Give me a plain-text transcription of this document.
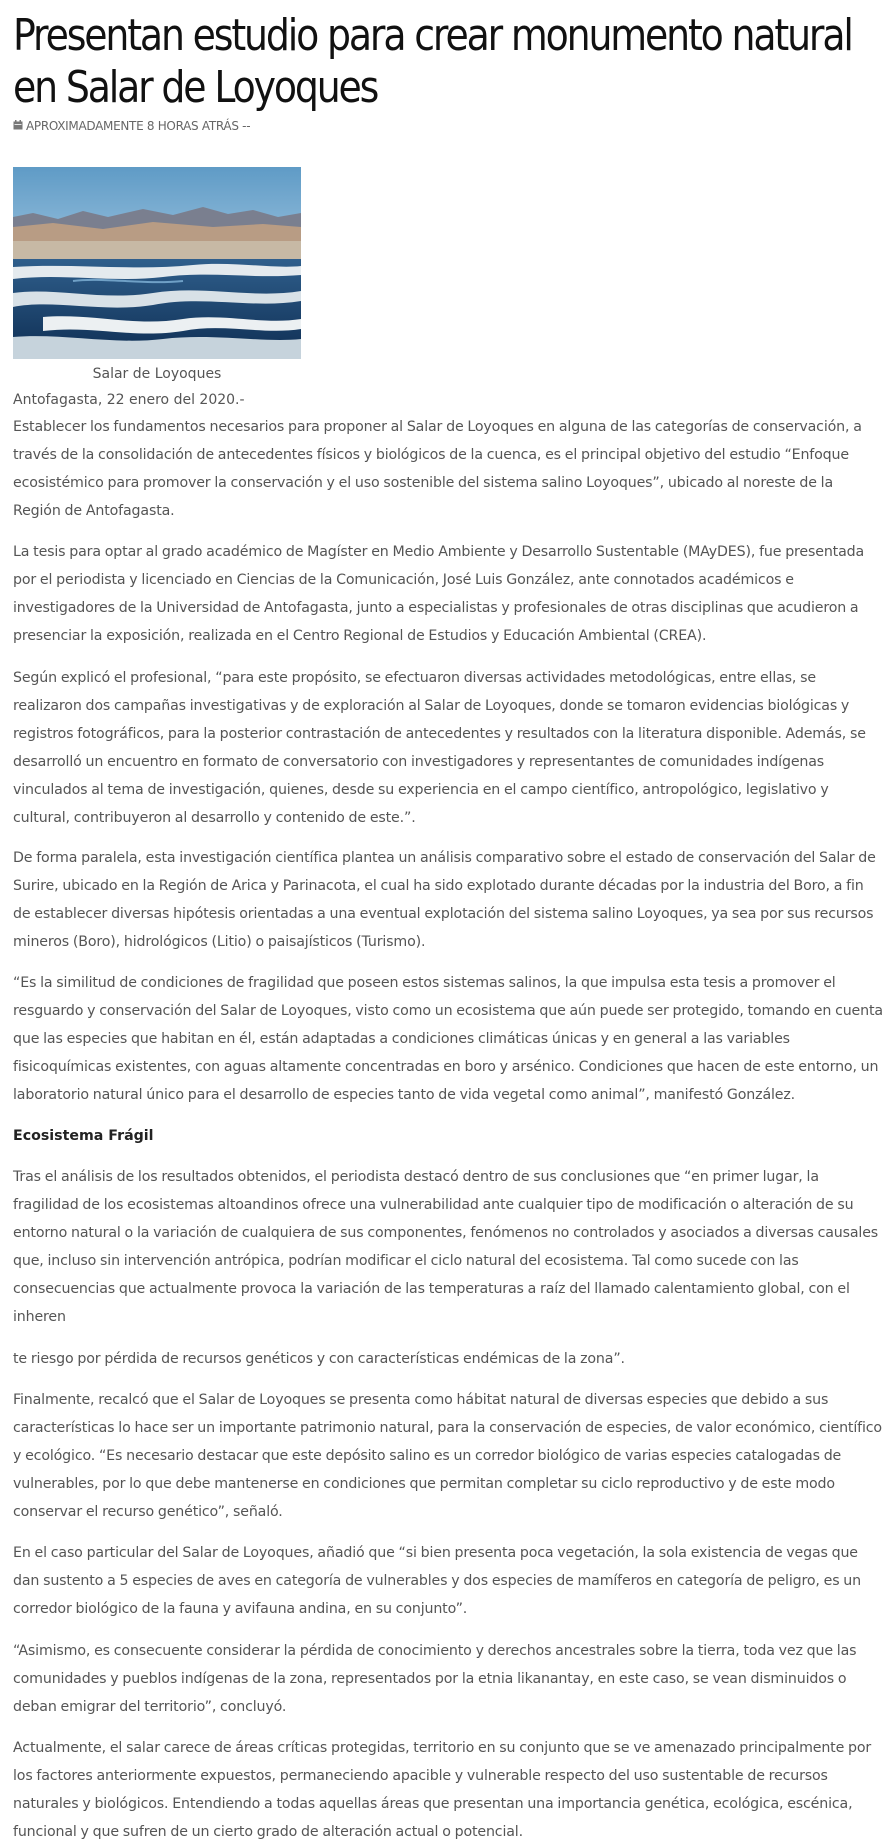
Presentan estudio para crear monumento natural en Salar de Loyoques
APROXIMADAMENTE 8 HORAS ATRÁS --
Salar de Loyoques
Antofagasta, 22 enero del 2020.-

Establecer los fundamentos necesarios para proponer al Salar de Loyoques en alguna de las categorías de conservación, a través de la consolidación de antecedentes físicos y biológicos de la cuenca, es el principal objetivo del estudio “Enfoque ecosistémico para promover la conservación y el uso sostenible del sistema salino Loyoques”, ubicado al noreste de la Región de Antofagasta.

La tesis para optar al grado académico de Magíster en Medio Ambiente y Desarrollo Sustentable (MAyDES), fue presentada por el periodista y licenciado en Ciencias de la Comunicación, José Luis González, ante connotados académicos e investigadores de la Universidad de Antofagasta, junto a especialistas y profesionales de otras disciplinas que acudieron a presenciar la exposición, realizada en el Centro Regional de Estudios y Educación Ambiental (CREA).

Según explicó el profesional, “para este propósito, se efectuaron diversas actividades metodológicas, entre ellas, se realizaron dos campañas investigativas y de exploración al Salar de Loyoques, donde se tomaron evidencias biológicas y registros fotográficos, para la posterior contrastación de antecedentes y resultados con la literatura disponible. Además, se desarrolló un encuentro en formato de conversatorio con investigadores y representantes de comunidades indígenas vinculados al tema de investigación, quienes, desde su experiencia en el campo científico, antropológico, legislativo y cultural, contribuyeron al desarrollo y contenido de este.”.

De forma paralela, esta investigación científica plantea un análisis comparativo sobre el estado de conservación del Salar de Surire, ubicado en la Región de Arica y Parinacota, el cual ha sido explotado durante décadas por la industria del Boro, a fin de establecer diversas hipótesis orientadas a una eventual explotación del sistema salino Loyoques, ya sea por sus recursos mineros (Boro), hidrológicos (Litio) o paisajísticos (Turismo).

“Es la similitud de condiciones de fragilidad que poseen estos sistemas salinos, la que impulsa esta tesis a promover el resguardo y conservación del Salar de Loyoques, visto como un ecosistema que aún puede ser protegido, tomando en cuenta que las especies que habitan en él, están adaptadas a condiciones climáticas únicas y en general a las variables fisicoquímicas existentes, con aguas altamente concentradas en boro y arsénico. Condiciones que hacen de este entorno, un laboratorio natural único para el desarrollo de especies tanto de vida vegetal como animal”, manifestó González.

Ecosistema Frágil

Tras el análisis de los resultados obtenidos, el periodista destacó dentro de sus conclusiones que “en primer lugar, la fragilidad de los ecosistemas altoandinos ofrece una vulnerabilidad ante cualquier tipo de modificación o alteración de su entorno natural o la variación de cualquiera de sus componentes, fenómenos no controlados y asociados a diversas causales que, incluso sin intervención antrópica, podrían modificar el ciclo natural del ecosistema. Tal como sucede con las consecuencias que actualmente provoca la variación de las temperaturas a raíz del llamado calentamiento global, con el inheren

te riesgo por pérdida de recursos genéticos y con características endémicas de la zona”.

Finalmente, recalcó que el Salar de Loyoques se presenta como hábitat natural de diversas especies que debido a sus características lo hace ser un importante patrimonio natural, para la conservación de especies, de valor económico, científico y ecológico. “Es necesario destacar que este depósito salino es un corredor biológico de varias especies catalogadas de vulnerables, por lo que debe mantenerse en condiciones que permitan completar su ciclo reproductivo y de este modo conservar el recurso genético”, señaló.

En el caso particular del Salar de Loyoques, añadió que “si bien presenta poca vegetación, la sola existencia de vegas que dan sustento a 5 especies de aves en categoría de vulnerables y dos especies de mamíferos en categoría de peligro, es un corredor biológico de la fauna y avifauna andina, en su conjunto”.

“Asimismo, es consecuente considerar la pérdida de conocimiento y derechos ancestrales sobre la tierra, toda vez que las comunidades y pueblos indígenas de la zona, representados por la etnia likanantay, en este caso, se vean disminuidos o deban emigrar del territorio”, concluyó.

Actualmente, el salar carece de áreas críticas protegidas, territorio en su conjunto que se ve amenazado principalmente por los factores anteriormente expuestos, permaneciendo apacible y vulnerable respecto del uso sustentable de recursos naturales y biológicos. Entendiendo a todas aquellas áreas que presentan una importancia genética, ecológica, escénica, funcional y que sufren de un cierto grado de alteración actual o potencial.
